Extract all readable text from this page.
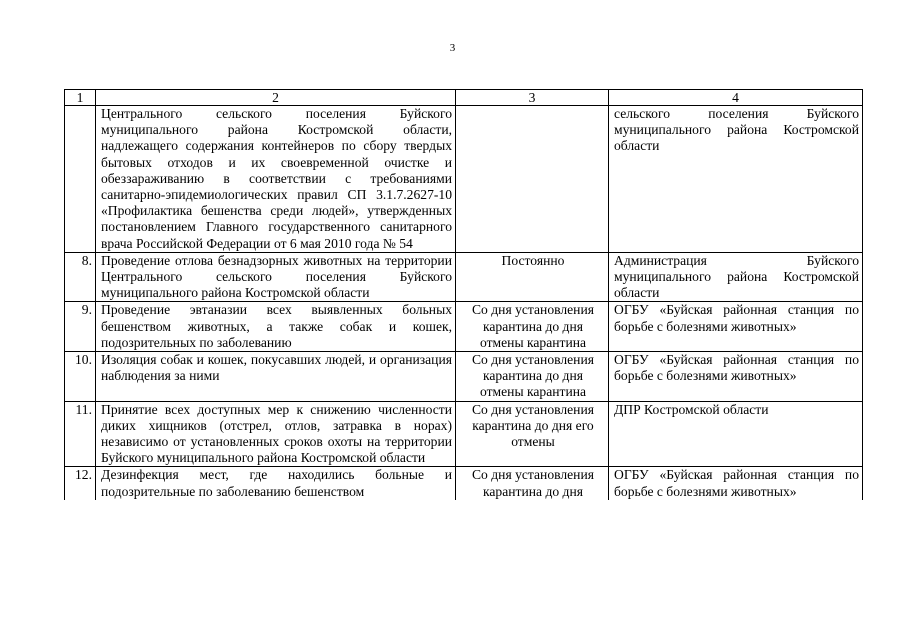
3
1	2	3	4
	Центрального сельского поселения Буйского муниципального района Костромской области, надлежащего содержания контейнеров по сбору твердых бытовых отходов и их своевременной очистке и обеззараживанию в соответствии с требованиями санитарно-эпидемиологических правил СП 3.1.7.2627-10 «Профилактика бешенства среди людей», утвержденных постановлением Главного государственного санитарного врача Российской Федерации от 6 мая 2010 года № 54		сельского поселения Буйского муниципального района Костромской области
8.	Проведение отлова безнадзорных животных на территории Центрального сельского поселения Буйского муниципального района Костромской области	Постоянно	Администрация Буйского муниципального района Костромской области
9.	Проведение эвтаназии всех выявленных больных бешенством животных, а также собак и кошек, подозрительных по заболеванию	Со дня установления карантина до дня отмены карантина	ОГБУ «Буйская районная станция по борьбе с болезнями животных»
10.	Изоляция собак и кошек, покусавших людей, и организация наблюдения за ними	Со дня установления карантина до дня отмены карантина	ОГБУ «Буйская районная станция по борьбе с болезнями животных»
11.	Принятие всех доступных мер к снижению численности диких хищников (отстрел, отлов, затравка в норах) независимо от установленных сроков охоты на территории Буйского муниципального района Костромской области	Со дня установления карантина до дня его отмены	ДПР Костромской области
12.	Дезинфекция мест, где находились больные и подозрительные по заболеванию бешенством	Со дня установления карантина до дня	ОГБУ «Буйская районная станция по борьбе с болезнями животных»
